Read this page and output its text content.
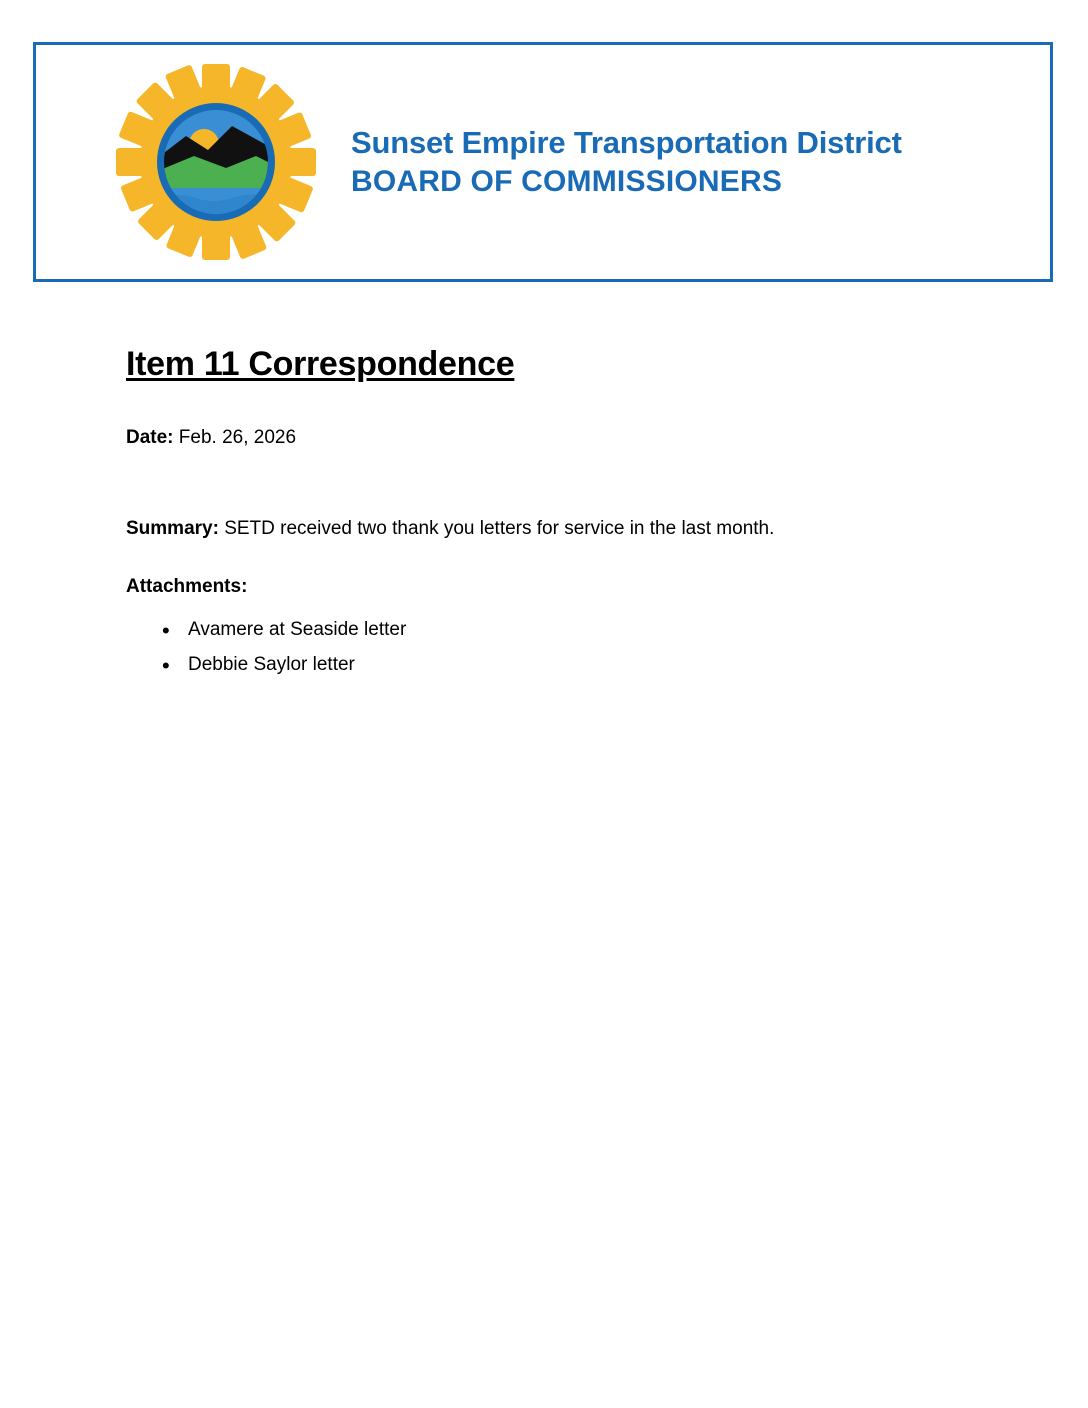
Sunset Empire Transportation District
BOARD OF COMMISSIONERS
Item 11 Correspondence

Date: Feb. 26, 2026

Summary: SETD received two thank you letters for service in the last month.

Attachments:

• Avamere at Seaside letter
• Debbie Saylor letter
